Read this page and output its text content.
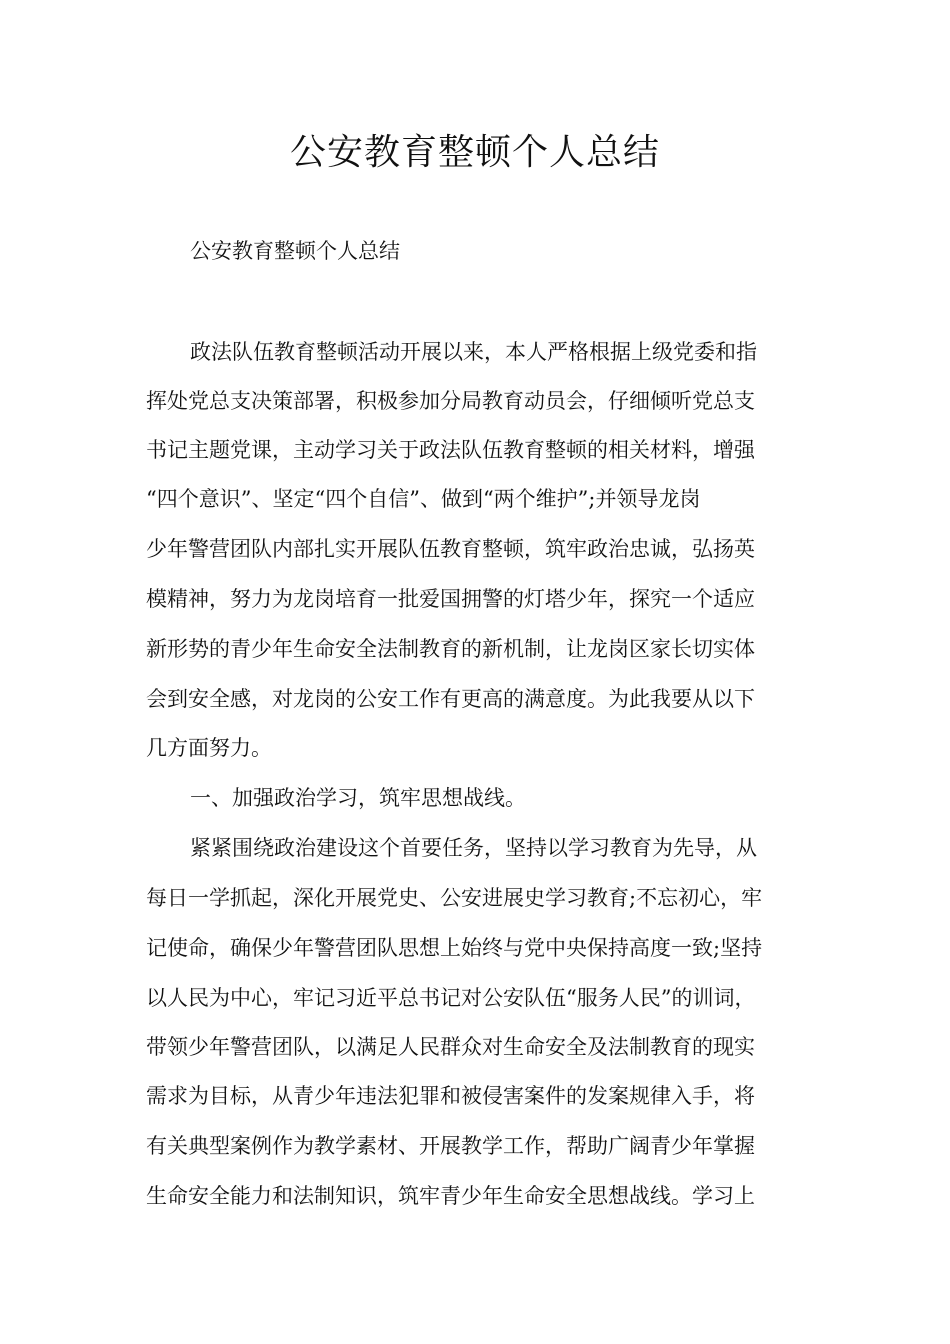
公安教育整顿个人总结
公安教育整顿个人总结
政法队伍教育整顿活动开展以来，本人严格根据上级党委和指
挥处党总支决策部署，积极参加分局教育动员会，仔细倾听党总支
书记主题党课，主动学习关于政法队伍教育整顿的相关材料，增强
“四个意识”、坚定“四个自信”、做到“两个维护”;并领导龙岗
少年警营团队内部扎实开展队伍教育整顿，筑牢政治忠诚，弘扬英
模精神，努力为龙岗培育一批爱国拥警的灯塔少年，探究一个适应
新形势的青少年生命安全法制教育的新机制，让龙岗区家长切实体
会到安全感，对龙岗的公安工作有更高的满意度。为此我要从以下
几方面努力。
一、加强政治学习，筑牢思想战线。
紧紧围绕政治建设这个首要任务，坚持以学习教育为先导，从
每日一学抓起，深化开展党史、公安进展史学习教育;不忘初心，牢
记使命，确保少年警营团队思想上始终与党中央保持高度一致;坚持
以人民为中心，牢记习近平总书记对公安队伍“服务人民”的训词，
带领少年警营团队，以满足人民群众对生命安全及法制教育的现实
需求为目标，从青少年违法犯罪和被侵害案件的发案规律入手，将
有关典型案例作为教学素材、开展教学工作，帮助广阔青少年掌握
生命安全能力和法制知识，筑牢青少年生命安全思想战线。学习上
